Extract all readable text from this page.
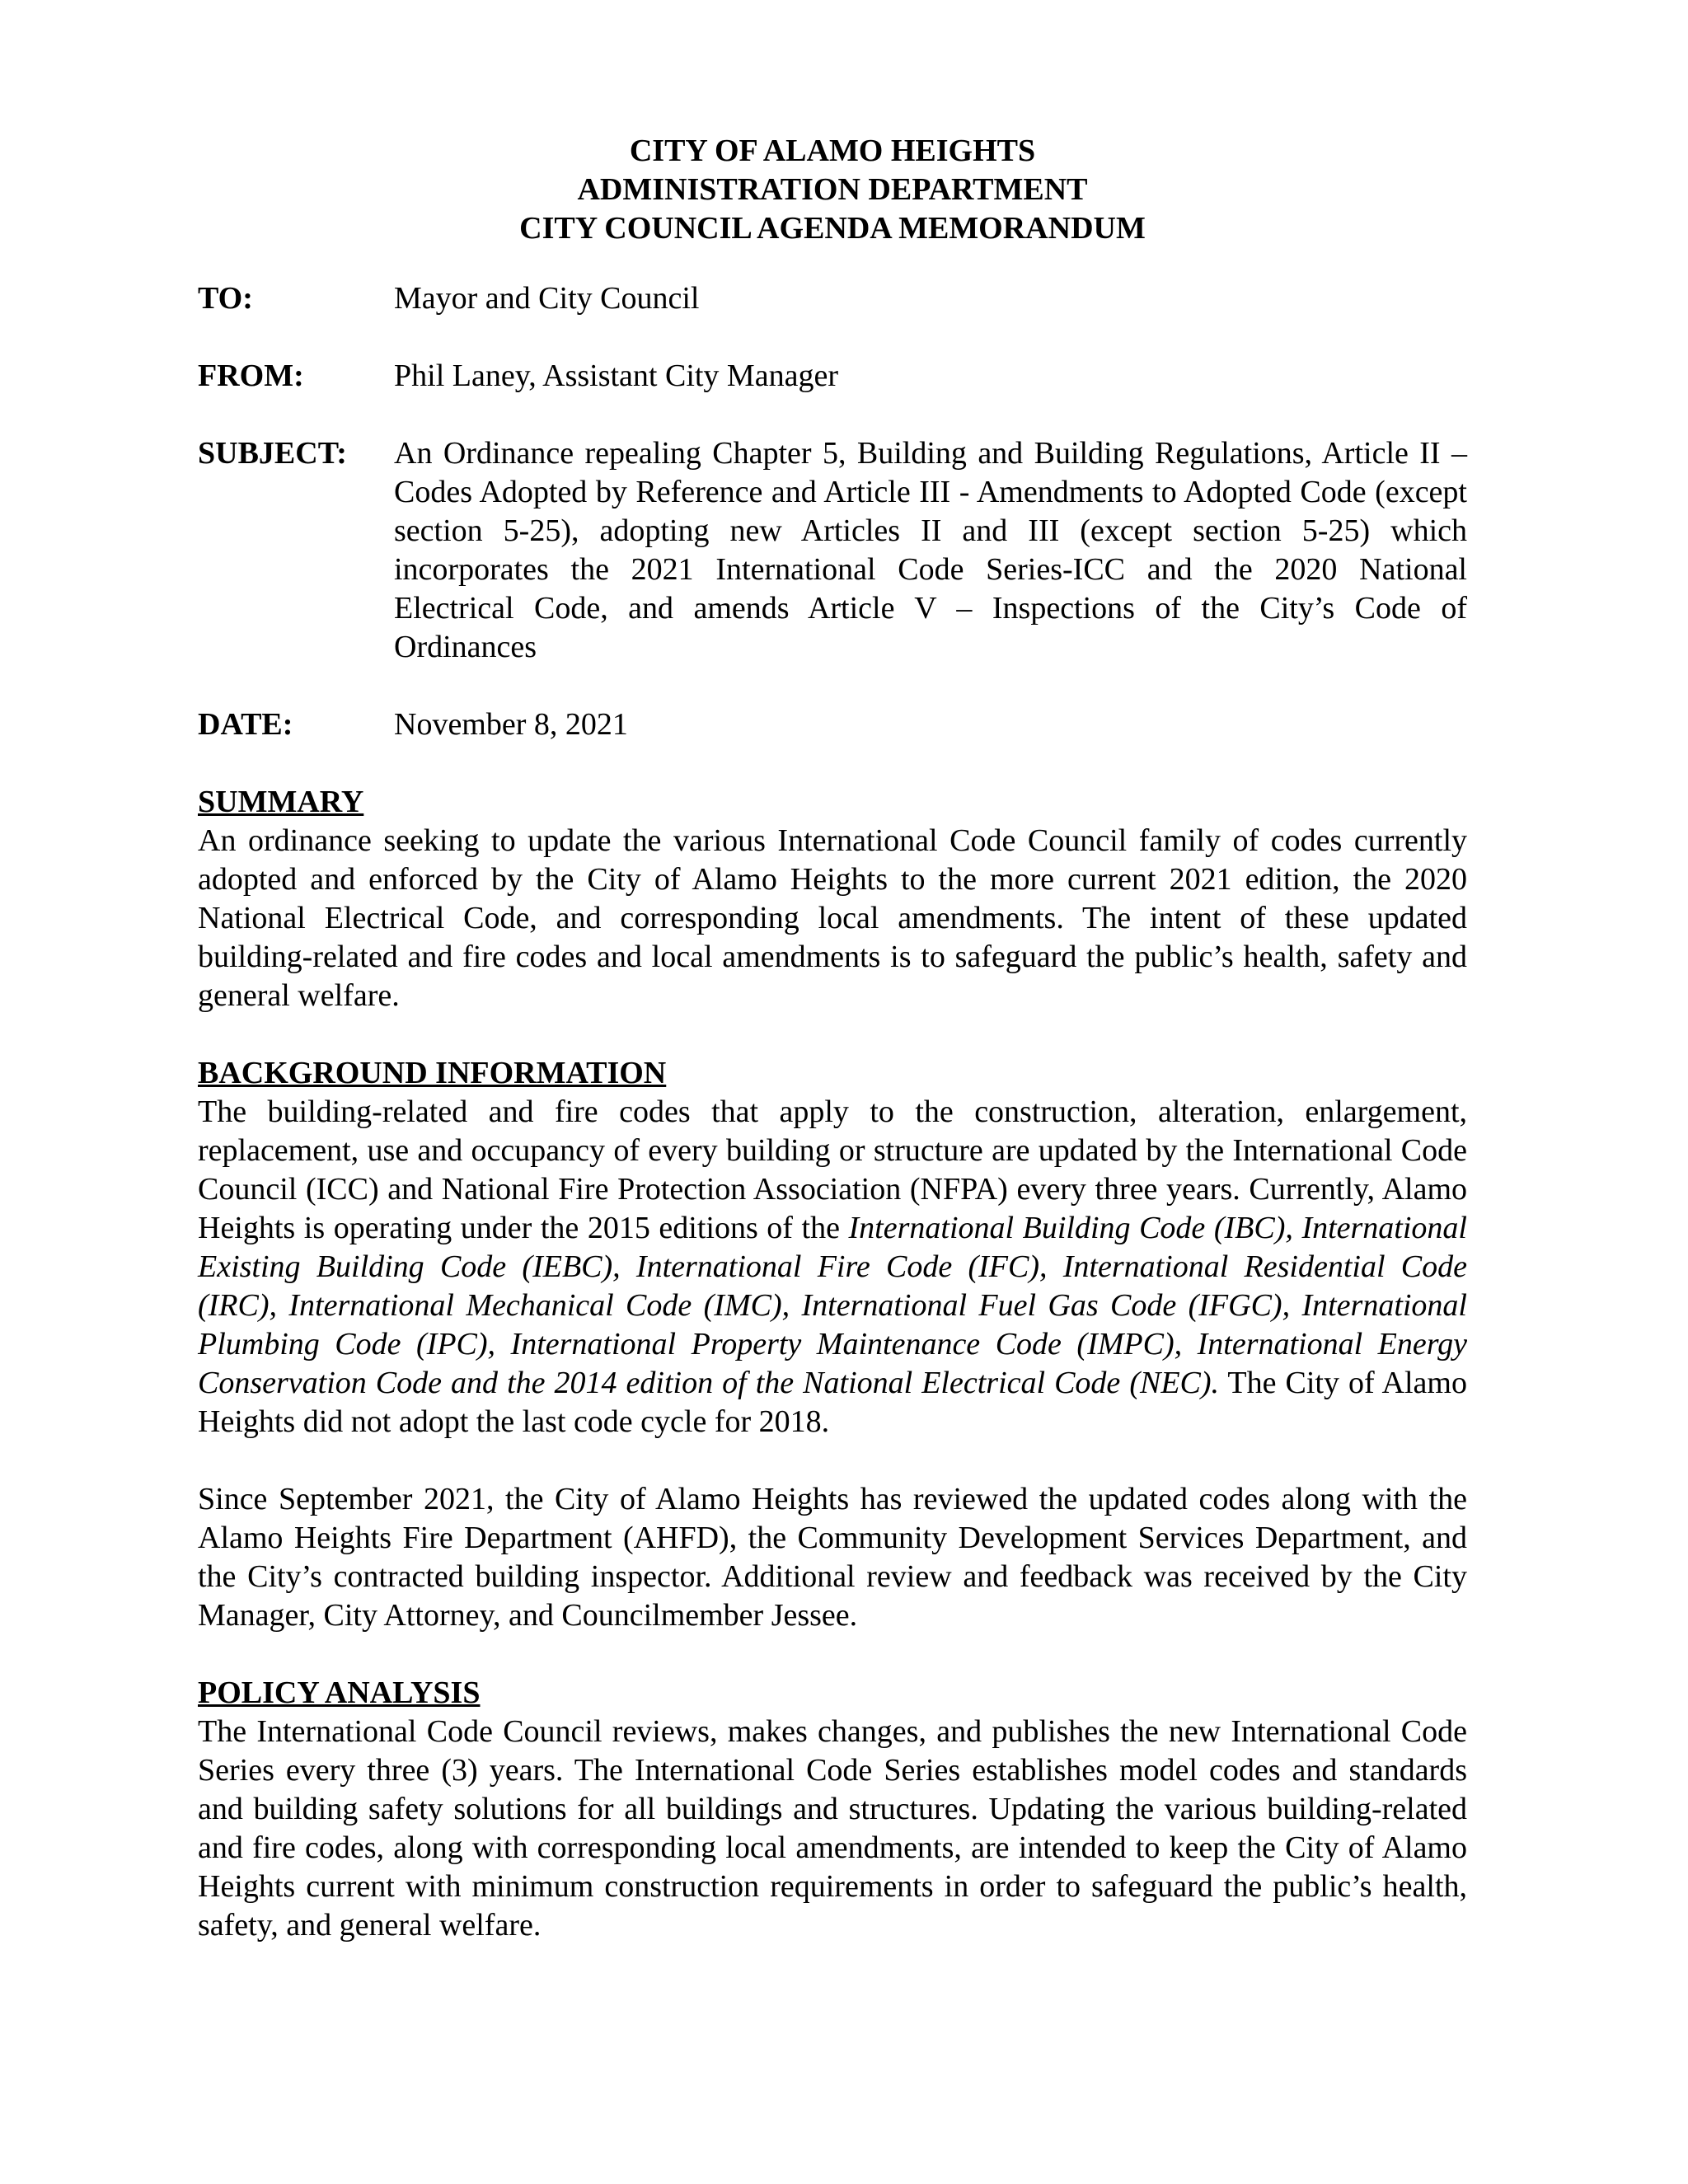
CITY OF ALAMO HEIGHTS
ADMINISTRATION DEPARTMENT
CITY COUNCIL AGENDA MEMORANDUM
TO:	Mayor and City Council
FROM:	Phil Laney, Assistant City Manager
SUBJECT:	An Ordinance repealing Chapter 5, Building and Building Regulations, Article II – Codes Adopted by Reference and Article III - Amendments to Adopted Code (except section 5-25), adopting new Articles II and III (except section 5-25) which incorporates the 2021 International Code Series-ICC and the 2020 National Electrical Code, and amends Article V – Inspections of the City’s Code of Ordinances
DATE:	November 8, 2021
SUMMARY

An ordinance seeking to update the various International Code Council family of codes currently adopted and enforced by the City of Alamo Heights to the more current 2021 edition, the 2020 National Electrical Code, and corresponding local amendments. The intent of these updated building-related and fire codes and local amendments is to safeguard the public’s health, safety and general welfare.

BACKGROUND INFORMATION

The building-related and fire codes that apply to the construction, alteration, enlargement, replacement, use and occupancy of every building or structure are updated by the International Code Council (ICC) and National Fire Protection Association (NFPA) every three years. Currently, Alamo Heights is operating under the 2015 editions of the International Building Code (IBC), International Existing Building Code (IEBC), International Fire Code (IFC), International Residential Code (IRC), International Mechanical Code (IMC), International Fuel Gas Code (IFGC), International Plumbing Code (IPC), International Property Maintenance Code (IMPC), International Energy Conservation Code and the 2014 edition of the National Electrical Code (NEC). The City of Alamo Heights did not adopt the last code cycle for 2018.

Since September 2021, the City of Alamo Heights has reviewed the updated codes along with the Alamo Heights Fire Department (AHFD), the Community Development Services Department, and the City’s contracted building inspector. Additional review and feedback was received by the City Manager, City Attorney, and Councilmember Jessee.

POLICY ANALYSIS

The International Code Council reviews, makes changes, and publishes the new International Code Series every three (3) years. The International Code Series establishes model codes and standards and building safety solutions for all buildings and structures. Updating the various building-related and fire codes, along with corresponding local amendments, are intended to keep the City of Alamo Heights current with minimum construction requirements in order to safeguard the public’s health, safety, and general welfare.
